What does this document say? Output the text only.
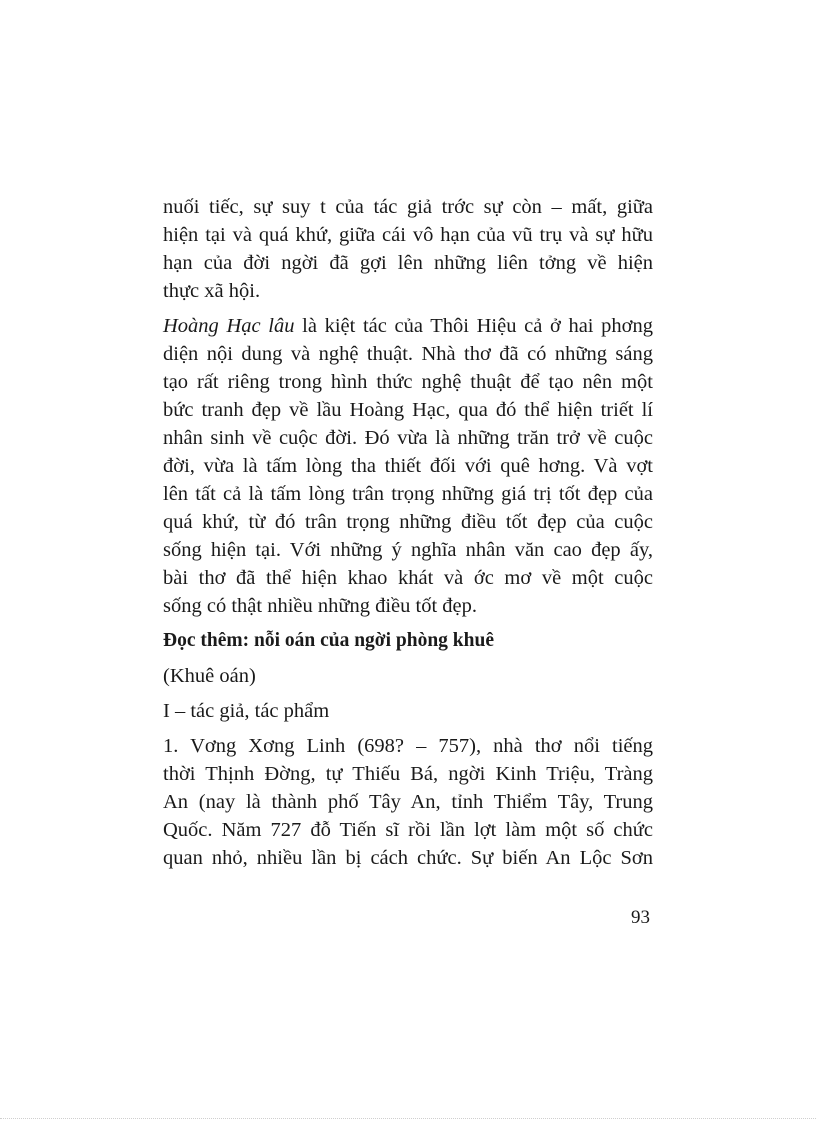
nuối tiếc, sự suy t của tác giả trớc sự còn – mất, giữa
hiện tại và quá khứ, giữa cái vô hạn của vũ trụ và sự hữu
hạn của đời ngời đã gợi lên những liên tởng về hiện
thực xã hội.
Hoàng Hạc lâu là kiệt tác của Thôi Hiệu cả ở hai phơng
diện nội dung và nghệ thuật. Nhà thơ đã có những sáng
tạo rất riêng trong hình thức nghệ thuật để tạo nên một
bức tranh đẹp về lầu Hoàng Hạc, qua đó thể hiện triết lí
nhân sinh về cuộc đời. Đó vừa là những trăn trở về cuộc
đời, vừa là tấm lòng tha thiết đối với quê hơng. Và vợt
lên tất cả là tấm lòng trân trọng những giá trị tốt đẹp của
quá khứ, từ đó trân trọng những điều tốt đẹp của cuộc
sống hiện tại. Với những ý nghĩa nhân văn cao đẹp ấy,
bài thơ đã thể hiện khao khát và ớc mơ về một cuộc
sống có thật nhiều những điều tốt đẹp.
Đọc thêm: nỗi oán của ngời phòng khuê
(Khuê oán)
I – tác giả, tác phẩm
1. Vơng Xơng Linh (698? – 757), nhà thơ nổi tiếng
thời Thịnh Đờng, tự Thiếu Bá, ngời Kinh Triệu, Tràng
An (nay là thành phố Tây An, tỉnh Thiểm Tây, Trung
Quốc. Năm 727 đỗ Tiến sĩ rồi lần lợt làm một số chức
quan nhỏ, nhiều lần bị cách chức. Sự biến An Lộc Sơn
93
